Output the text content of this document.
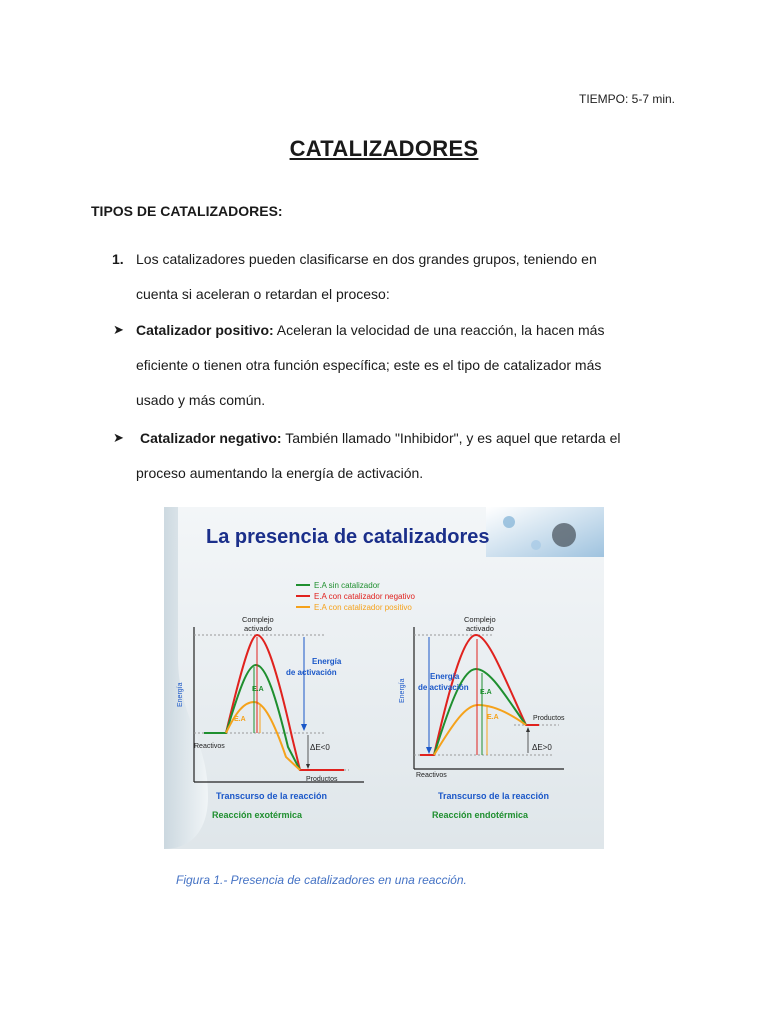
TIEMPO: 5-7 min.
CATALIZADORES
TIPOS DE CATALIZADORES:
1. Los catalizadores pueden clasificarse en dos grandes grupos, teniendo en
cuenta si aceleran o retardan el proceso:
➤ Catalizador positivo: Aceleran la velocidad de una reacción, la hacen más
eficiente o tienen otra función específica; este es el tipo de catalizador más
usado y más común.
➤ Catalizador negativo: También llamado "Inhibidor", y es aquel que retarda el
proceso aumentando la energía de activación.
La presencia de catalizadores
E.A sin catalizador
E.A con catalizador negativo
E.A con catalizador positivo
Complejo
activado
Energía
de activación
E.A
E.A
Energía
Reactivos
Productos
ΔE<0
Transcurso de la reacción
Reacción exotérmica
Complejo
activado
Energía
de activación
E.A
E.A
Energía
Reactivos
Productos
ΔE>0
Transcurso de la reacción
Reacción endotérmica
Figura 1.- Presencia de catalizadores en una reacción.
